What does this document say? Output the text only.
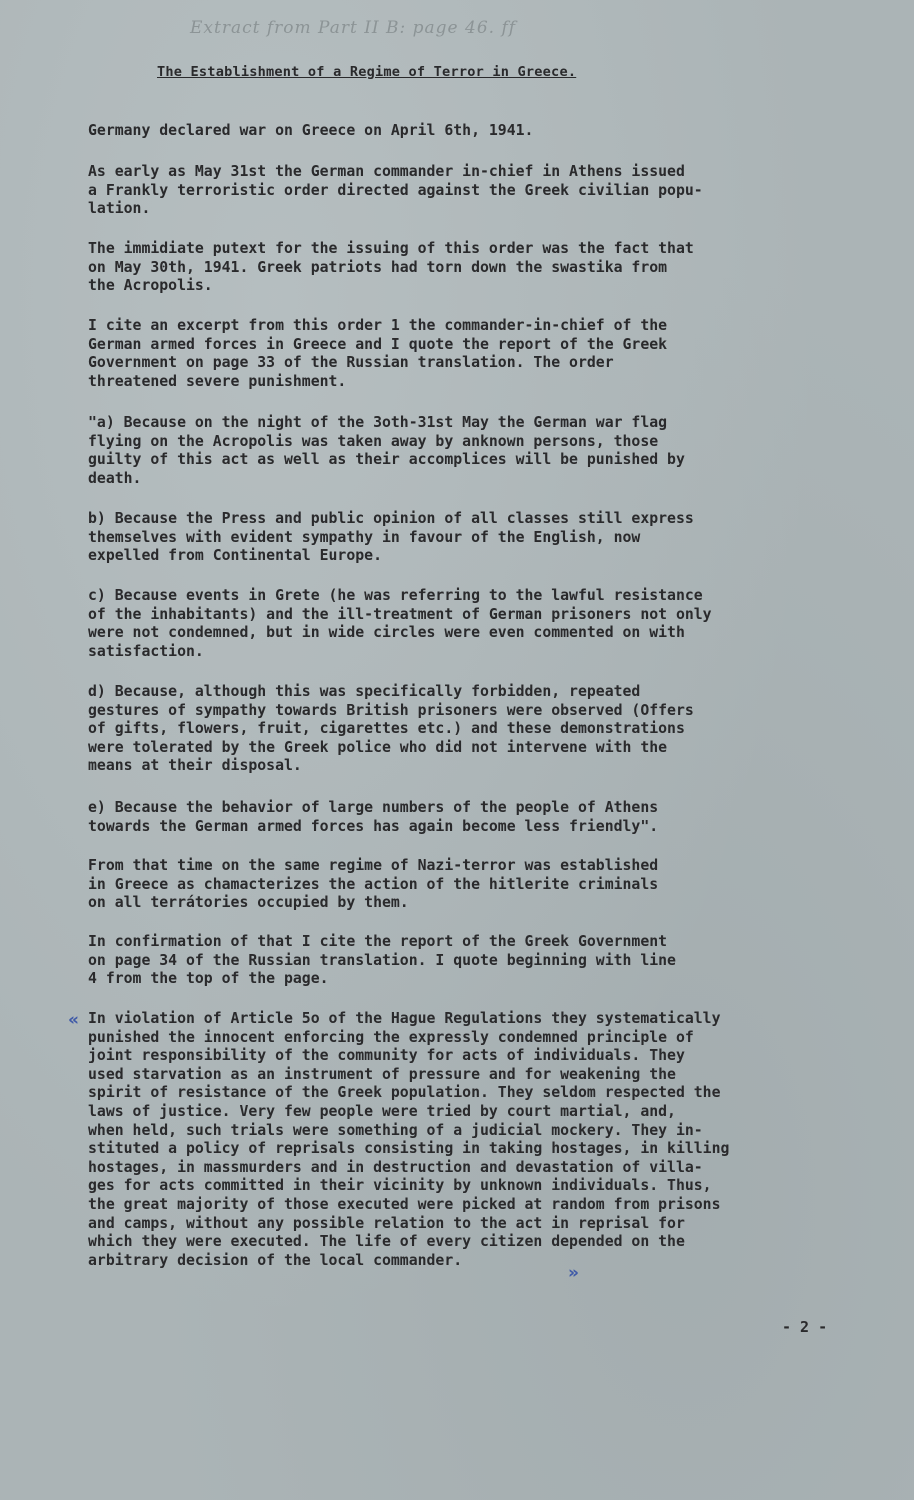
Extract from Part II B: page 46. ff
The Establishment of a Regime of Terror in Greece.
Germany declared war on Greece on April 6th, 1941.
As early as May 31st the German commander in-chief in Athens issued
a Frankly terroristic order directed against the Greek civilian popu-
lation.
The immidiate putext for the issuing of this order was the fact that
on May 30th, 1941. Greek patriots had torn down the swastika from
the Acropolis.
I cite an excerpt from this order 1 the commander-in-chief of the
German armed forces in Greece and I quote the report of the Greek
Government on page 33 of the Russian translation. The order
threatened severe punishment.
"a) Because on the night of the 3oth-31st May the German war flag
flying on the Acropolis was taken away by anknown persons, those
guilty of this act as well as their accomplices will be punished by
death.
b) Because the Press and public opinion of all classes still express
themselves with evident sympathy in favour of the English, now
expelled from Continental Europe.
c) Because events in Grete (he was referring to the lawful resistance
of the inhabitants) and the ill-treatment of German prisoners not only
were not condemned, but in wide circles were even commented on with
satisfaction.
d) Because, although this was specifically forbidden, repeated
gestures of sympathy towards British prisoners were observed (Offers
of gifts, flowers, fruit, cigarettes etc.) and these demonstrations
were tolerated by the Greek police who did not intervene with the
means at their disposal.
e) Because the behavior of large numbers of the people of Athens
towards the German armed forces has again become less friendly".
From that time on the same regime of Nazi-terror was established
in Greece as chamacterizes the action of the hitlerite criminals
on all terrátories occupied by them.
In confirmation of that I cite the report of the Greek Government
on page 34 of the Russian translation. I quote beginning with line
4 from the top of the page.
« In violation of Article 5o of the Hague Regulations they systematically
punished the innocent enforcing the expressly condemned principle of
joint responsibility of the community for acts of individuals. They
used starvation as an instrument of pressure and for weakening the
spirit of resistance of the Greek population. They seldom respected the
laws of justice. Very few people were tried by court martial, and,
when held, such trials were something of a judicial mockery. They in-
stituted a policy of reprisals consisting in taking hostages, in killing
hostages, in massmurders and in destruction and devastation of villa-
ges for acts committed in their vicinity by unknown individuals. Thus,
the great majority of those executed were picked at random from prisons
and camps, without any possible relation to the act in reprisal for
which they were executed. The life of every citizen depended on the
arbitrary decision of the local commander.
»
- 2 -
